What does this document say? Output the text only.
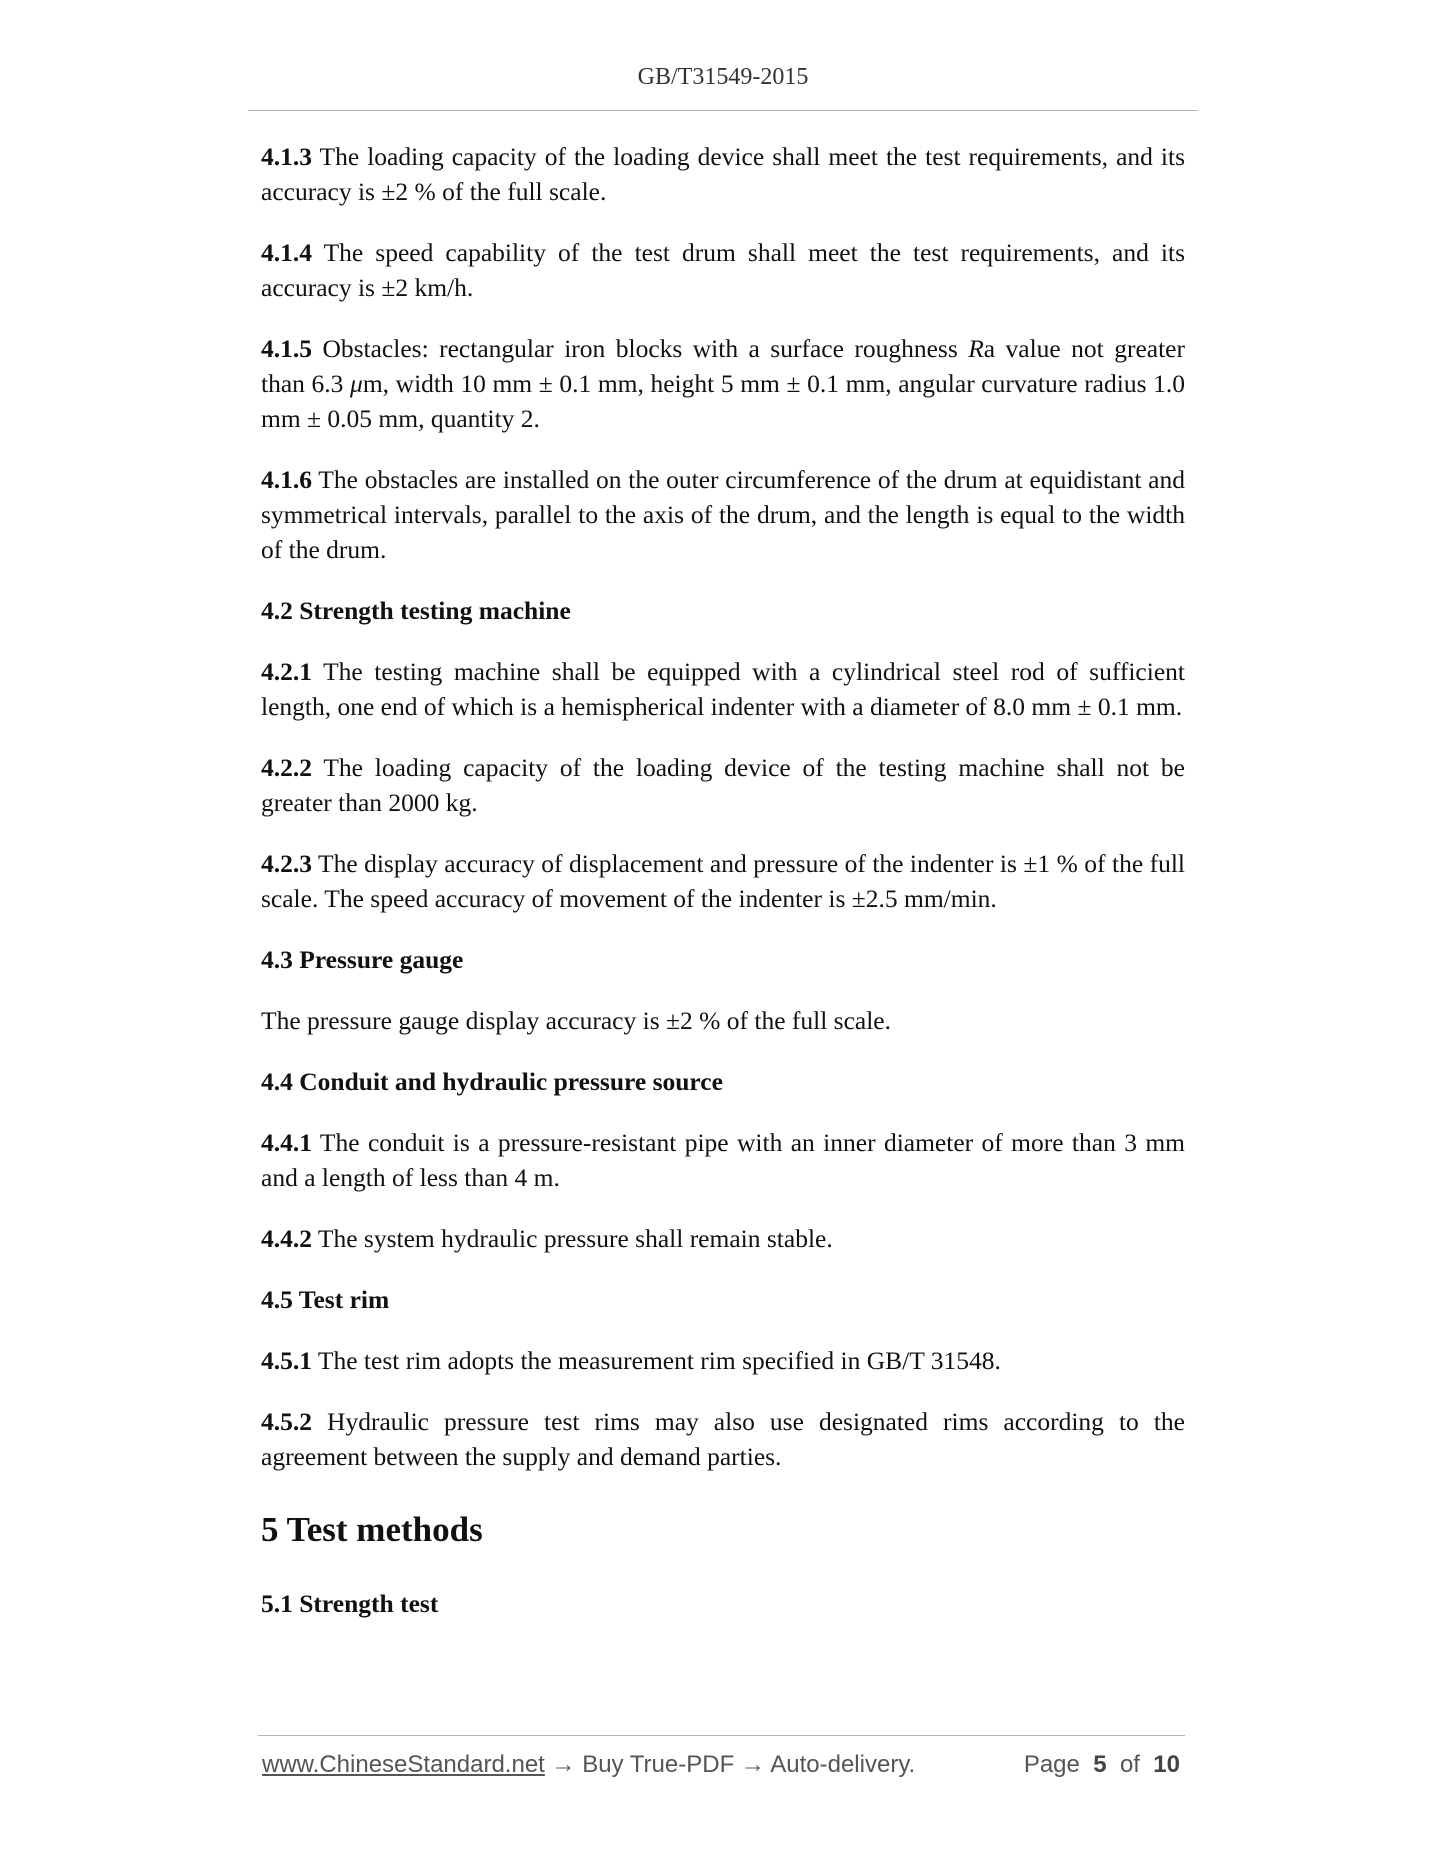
GB/T31549-2015

4.1.3 The loading capacity of the loading device shall meet the test requirements, and its accuracy is ±2 % of the full scale.

4.1.4 The speed capability of the test drum shall meet the test requirements, and its accuracy is ±2 km/h.

4.1.5 Obstacles: rectangular iron blocks with a surface roughness Ra value not greater than 6.3 μm, width 10 mm ± 0.1 mm, height 5 mm ± 0.1 mm, angular curvature radius 1.0 mm ± 0.05 mm, quantity 2.

4.1.6 The obstacles are installed on the outer circumference of the drum at equidistant and symmetrical intervals, parallel to the axis of the drum, and the length is equal to the width of the drum.

4.2 Strength testing machine

4.2.1 The testing machine shall be equipped with a cylindrical steel rod of sufficient length, one end of which is a hemispherical indenter with a diameter of 8.0 mm ± 0.1 mm.

4.2.2 The loading capacity of the loading device of the testing machine shall not be greater than 2000 kg.

4.2.3 The display accuracy of displacement and pressure of the indenter is ±1 % of the full scale. The speed accuracy of movement of the indenter is ±2.5 mm/min.

4.3 Pressure gauge

The pressure gauge display accuracy is ±2 % of the full scale.

4.4 Conduit and hydraulic pressure source

4.4.1 The conduit is a pressure-resistant pipe with an inner diameter of more than 3 mm and a length of less than 4 m.

4.4.2 The system hydraulic pressure shall remain stable.

4.5 Test rim

4.5.1 The test rim adopts the measurement rim specified in GB/T 31548.

4.5.2 Hydraulic pressure test rims may also use designated rims according to the agreement between the supply and demand parties.

5 Test methods

5.1 Strength test

www.ChineseStandard.net → Buy True-PDF → Auto-delivery.	Page 5 of 10
